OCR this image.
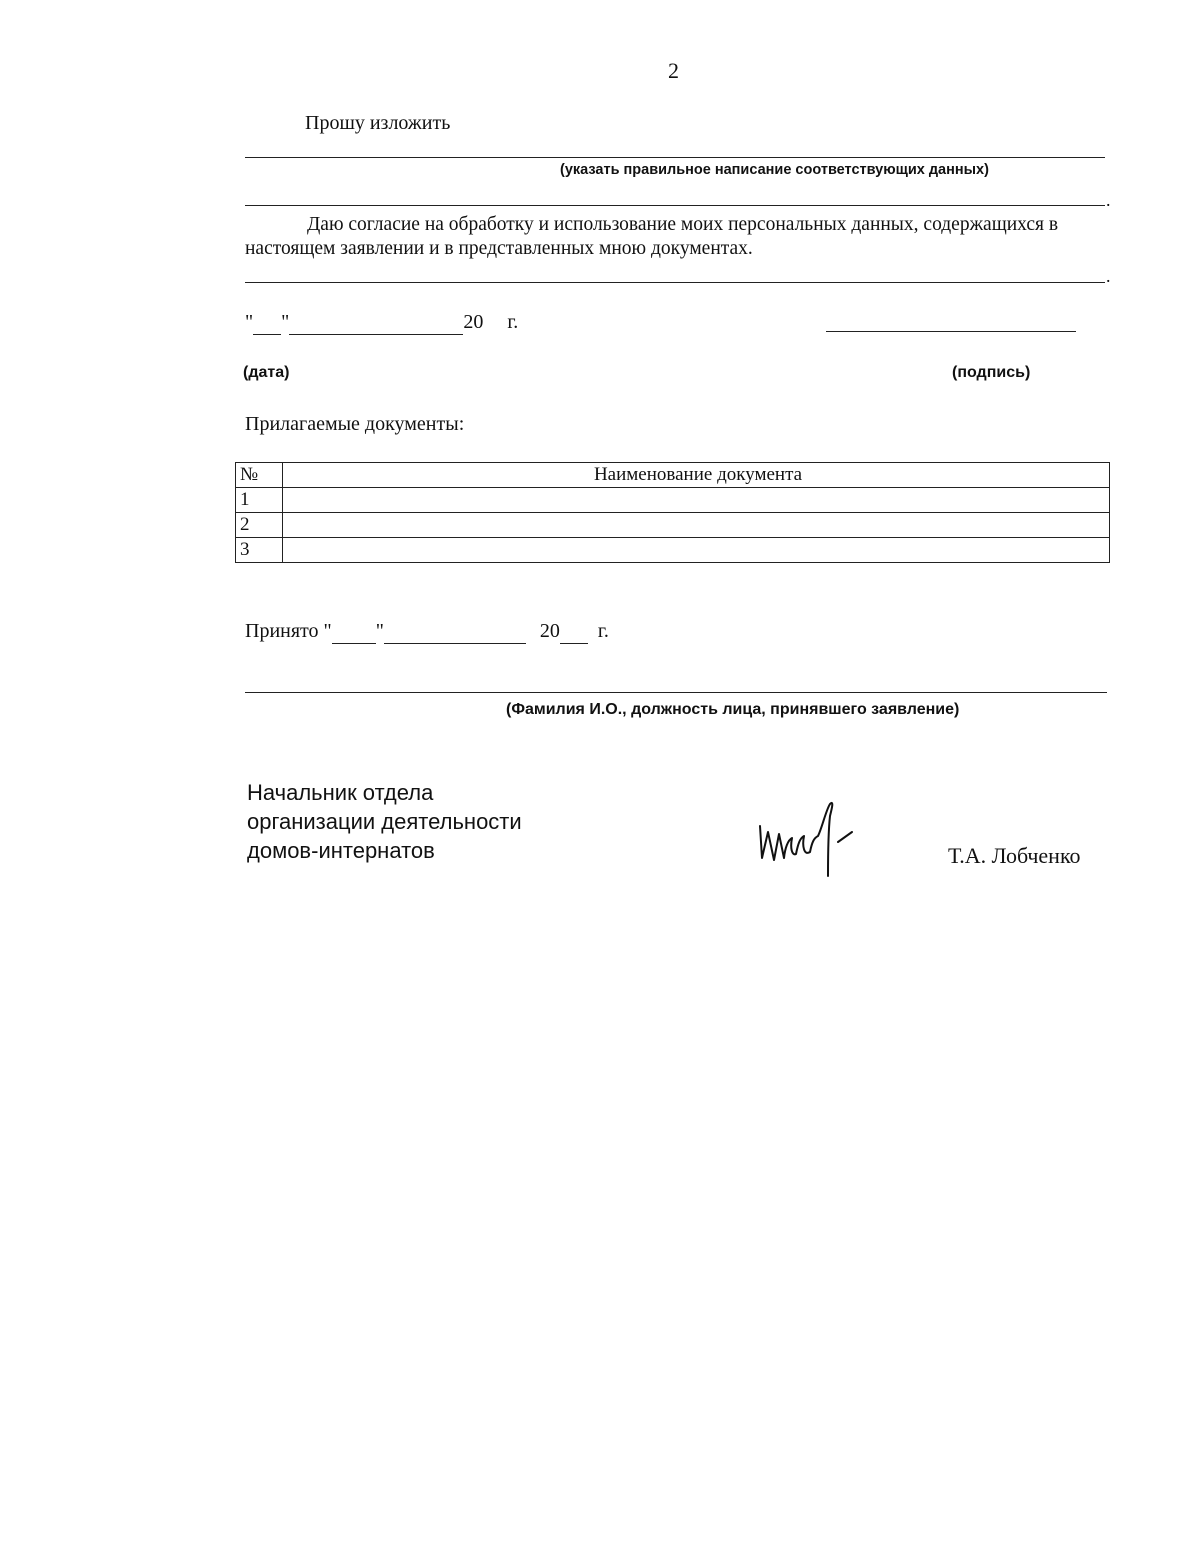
2
Прошу изложить
(указать правильное написание соответствующих данных)
.
Даю согласие на обработку и использование моих персональных данных, содержащихся в настоящем заявлении и в представленных мною документах.
.
" "	20 г.
(дата)	(подпись)
Прилагаемые документы:
№	Наименование документа
1	
2	
3	
Принято " "	20 г.
(Фамилия И.О., должность лица, принявшего заявление)
Начальник отдела
организации деятельности
домов-интернатов	Т.А. Лобченко
